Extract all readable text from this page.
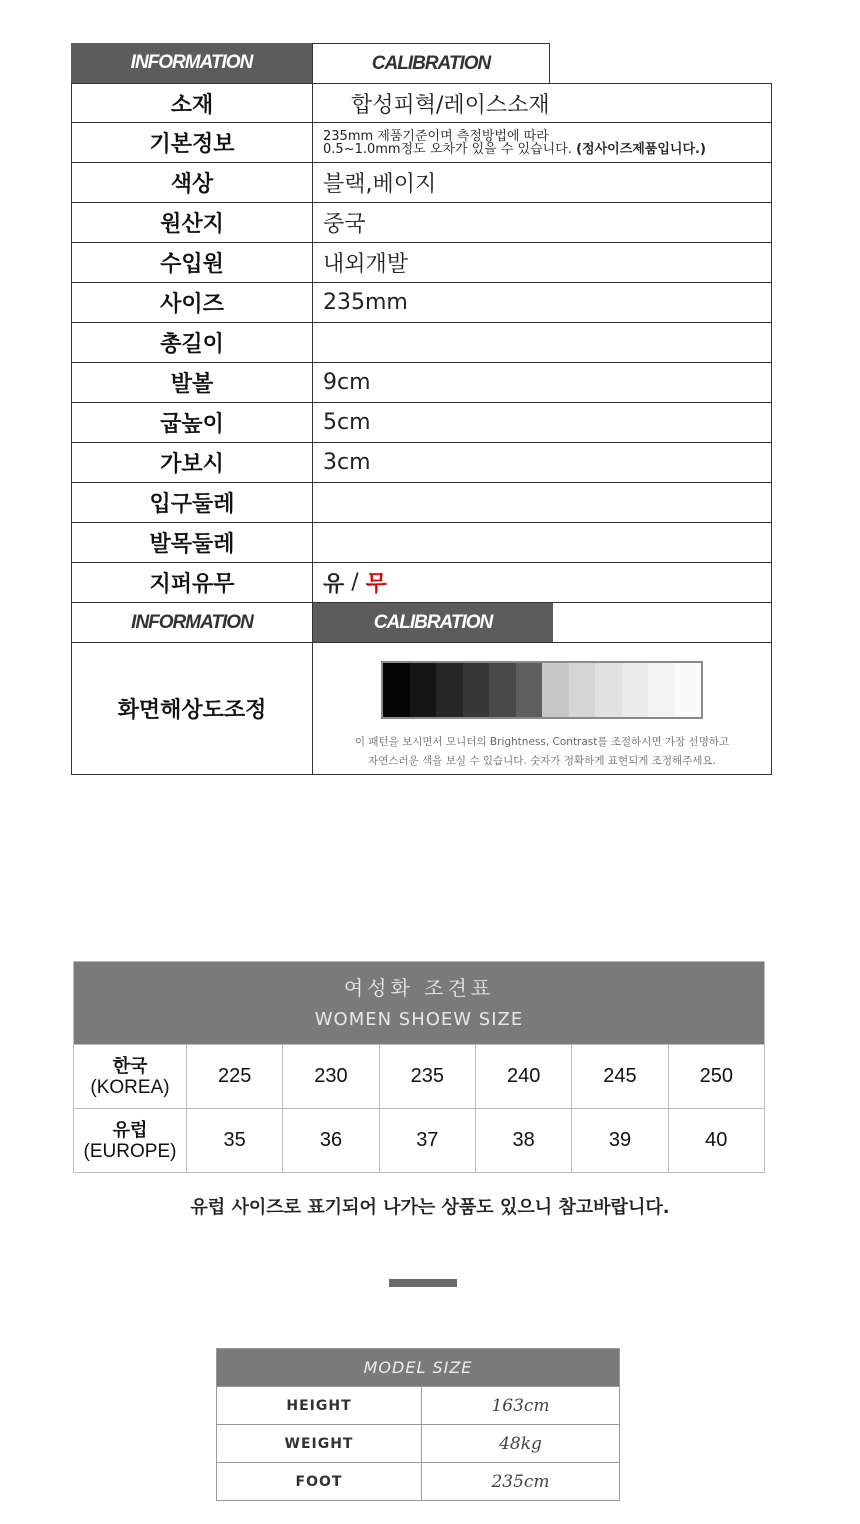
INFORMATION	CALIBRATION
소재	합성피혁/레이스소재
기본정보	235mm 제품기준이며 측정방법에 따라
0.5~1.0mm정도 오차가 있을 수 있습니다. (정사이즈제품입니다.)
색상	블랙,베이지
원산지	중국
수입원	내외개발
사이즈	235mm
총길이
발볼	9cm
굽높이	5cm
가보시	3cm
입구둘레
발목둘레
지퍼유무	유 / 무
INFORMATION	CALIBRATION
화면해상도조정
이 패턴을 보시면서 모니터의 Brightness, Contrast를 조절하시면 가장 선명하고
자연스러운 색을 보실 수 있습니다. 숫자가 정확하게 표현되게 조정해주세요.
여성화 조견표
WOMEN SHOEW SIZE
한국
(KOREA)	225	230	235	240	245	250
유럽
(EUROPE)	35	36	37	38	39	40
유럽 사이즈로 표기되어 나가는 상품도 있으니 참고바랍니다.
MODEL SIZE
HEIGHT	163cm
WEIGHT	48kg
FOOT	235cm
